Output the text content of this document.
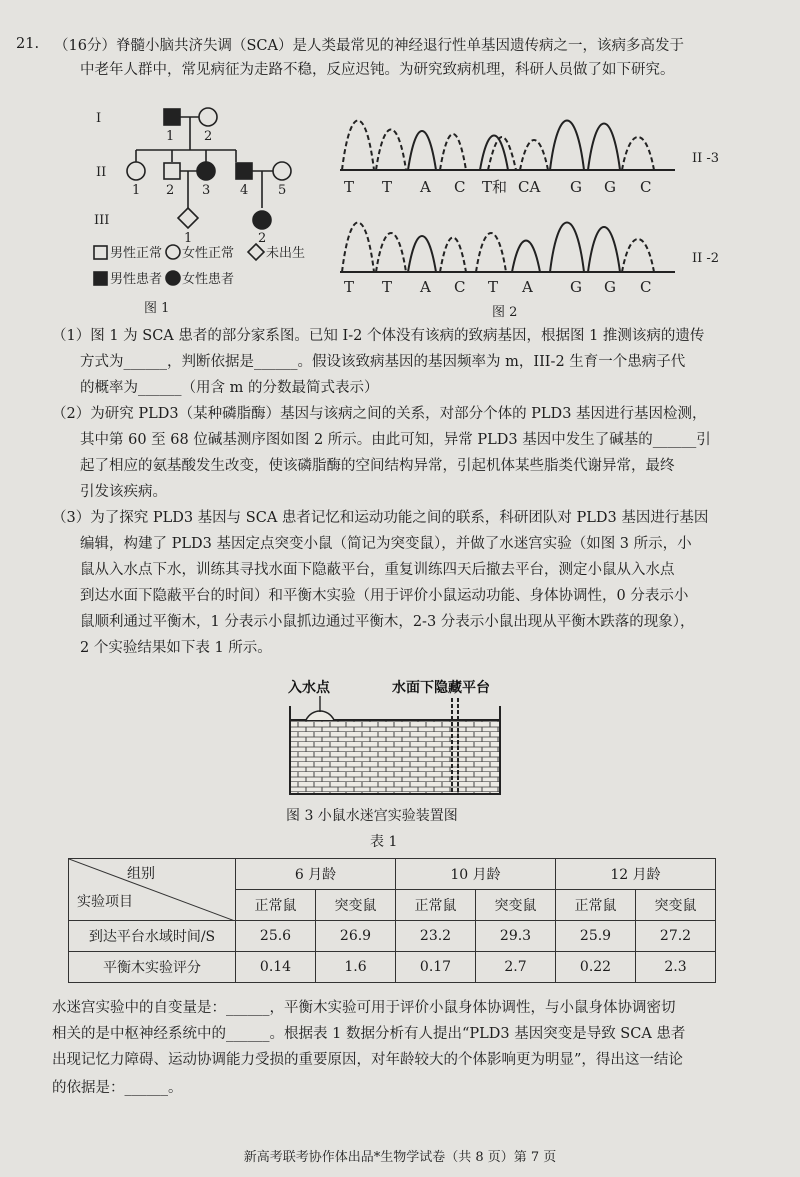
21. （16分）脊髓小脑共济失调（SCA）是人类最常见的神经退行性单基因遗传病之一，该病多高发于
中老年人群中，常见病征为走路不稳，反应迟钝。为研究致病机理，科研人员做了如下研究。
I
II
III
1 2
1 2 3 4 5
1	2
男性正常 女性正常 未出生
男性患者 女性患者
图 1
T T A C T和 CA G G C
T T A C T A G G C
II -3
II -2
图 2
（1）图 1 为 SCA 患者的部分家系图。已知 I-2 个体没有该病的致病基因，根据图 1 推测该病的遗传
方式为______，判断依据是______。假设该致病基因的基因频率为 m，III-2 生育一个患病子代
的概率为______（用含 m 的分数最简式表示）
（2）为研究 PLD3（某种磷脂酶）基因与该病之间的关系，对部分个体的 PLD3 基因进行基因检测，
其中第 60 至 68 位碱基测序图如图 2 所示。由此可知，异常 PLD3 基因中发生了碱基的______引
起了相应的氨基酸发生改变，使该磷脂酶的空间结构异常，引起机体某些脂类代谢异常，最终
引发该疾病。
（3）为了探究 PLD3 基因与 SCA 患者记忆和运动功能之间的联系，科研团队对 PLD3 基因进行基因
编辑，构建了 PLD3 基因定点突变小鼠（简记为突变鼠），并做了水迷宫实验（如图 3 所示，小
鼠从入水点下水，训练其寻找水面下隐蔽平台，重复训练四天后撤去平台，测定小鼠从入水点
到达水面下隐蔽平台的时间）和平衡木实验（用于评价小鼠运动功能、身体协调性，0 分表示小
鼠顺利通过平衡木，1 分表示小鼠抓边通过平衡木，2-3 分表示小鼠出现从平衡木跌落的现象），
2 个实验结果如下表 1 所示。
入水点	水面下隐藏平台
图 3 小鼠水迷宫实验装置图
表 1
组别
实验项目	6 月龄		10 月龄		12 月龄	
	正常鼠	突变鼠	正常鼠	突变鼠	正常鼠	突变鼠
到达平台水域时间/S	25.6	26.9	23.2	29.3	25.9	27.2
平衡木实验评分	0.14	1.6	0.17	2.7	0.22	2.3
水迷宫实验中的自变量是：______，平衡木实验可用于评价小鼠身体协调性，与小鼠身体协调密切
相关的是中枢神经系统中的______。根据表 1 数据分析有人提出“PLD3 基因突变是导致 SCA 患者
出现记忆力障碍、运动协调能力受损的重要原因，对年龄较大的个体影响更为明显”，得出这一结论
的依据是：______。
新高考联考协作体出品*生物学试卷（共 8 页）第 7 页
